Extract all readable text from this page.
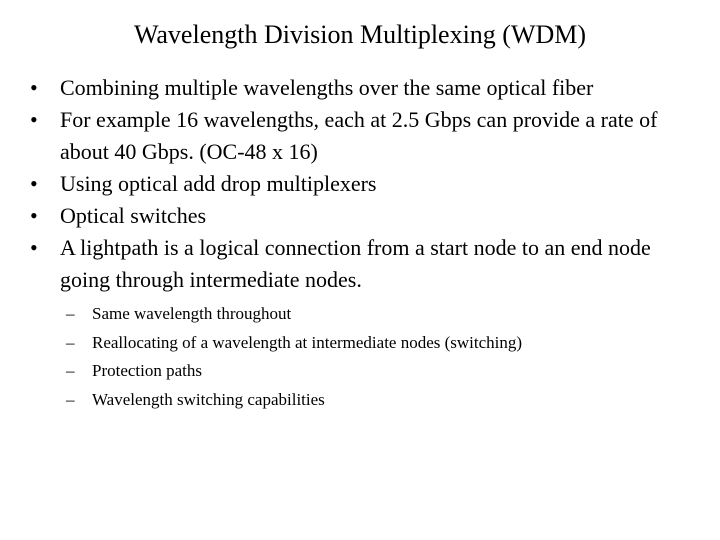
Wavelength Division Multiplexing (WDM)
•	Combining multiple wavelengths over the same optical fiber
•	For example 16 wavelengths, each at 2.5 Gbps can provide a rate of about 40 Gbps. (OC-48 x 16)
•	Using optical add drop multiplexers
•	Optical switches
•	A lightpath is a logical connection from a start node to an end node going through intermediate nodes.
–	Same wavelength throughout
–	Reallocating of a wavelength at intermediate nodes (switching)
–	Protection paths
–	Wavelength switching capabilities
